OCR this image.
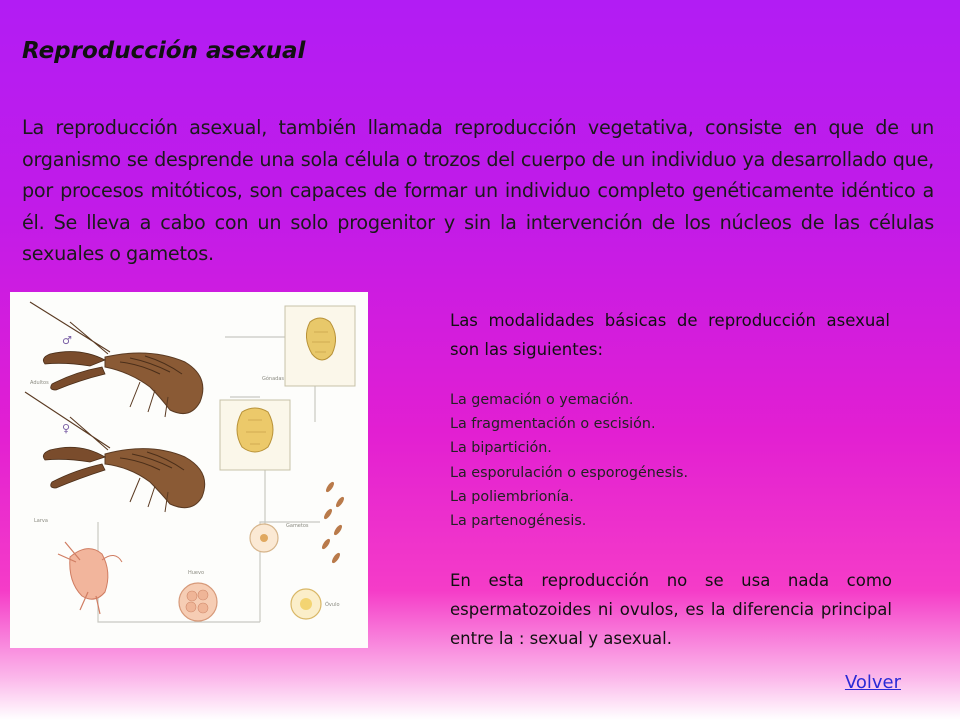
Reproducción asexual

La reproducción asexual, también llamada reproducción vegetativa, consiste en que de un organismo se desprende una sola célula o trozos del cuerpo de un individuo ya desarrollado que, por procesos mitóticos, son capaces de formar un individuo completo genéticamente idéntico a él. Se lleva a cabo con un solo progenitor y sin la intervención de los núcleos de las células sexuales o gametos.

♂
♀
Adultos
Gónadas
Gametos
Óvulo
Huevo
Larva

Las modalidades básicas de reproducción asexual son las siguientes:

La gemación o yemación.
La fragmentación o escisión.
La bipartición.
La esporulación o esporogénesis.
La poliembrionía.
La partenogénesis.

En esta reproducción no se usa nada como espermatozoides ni ovulos, es la diferencia principal entre la : sexual y asexual.

Volver
